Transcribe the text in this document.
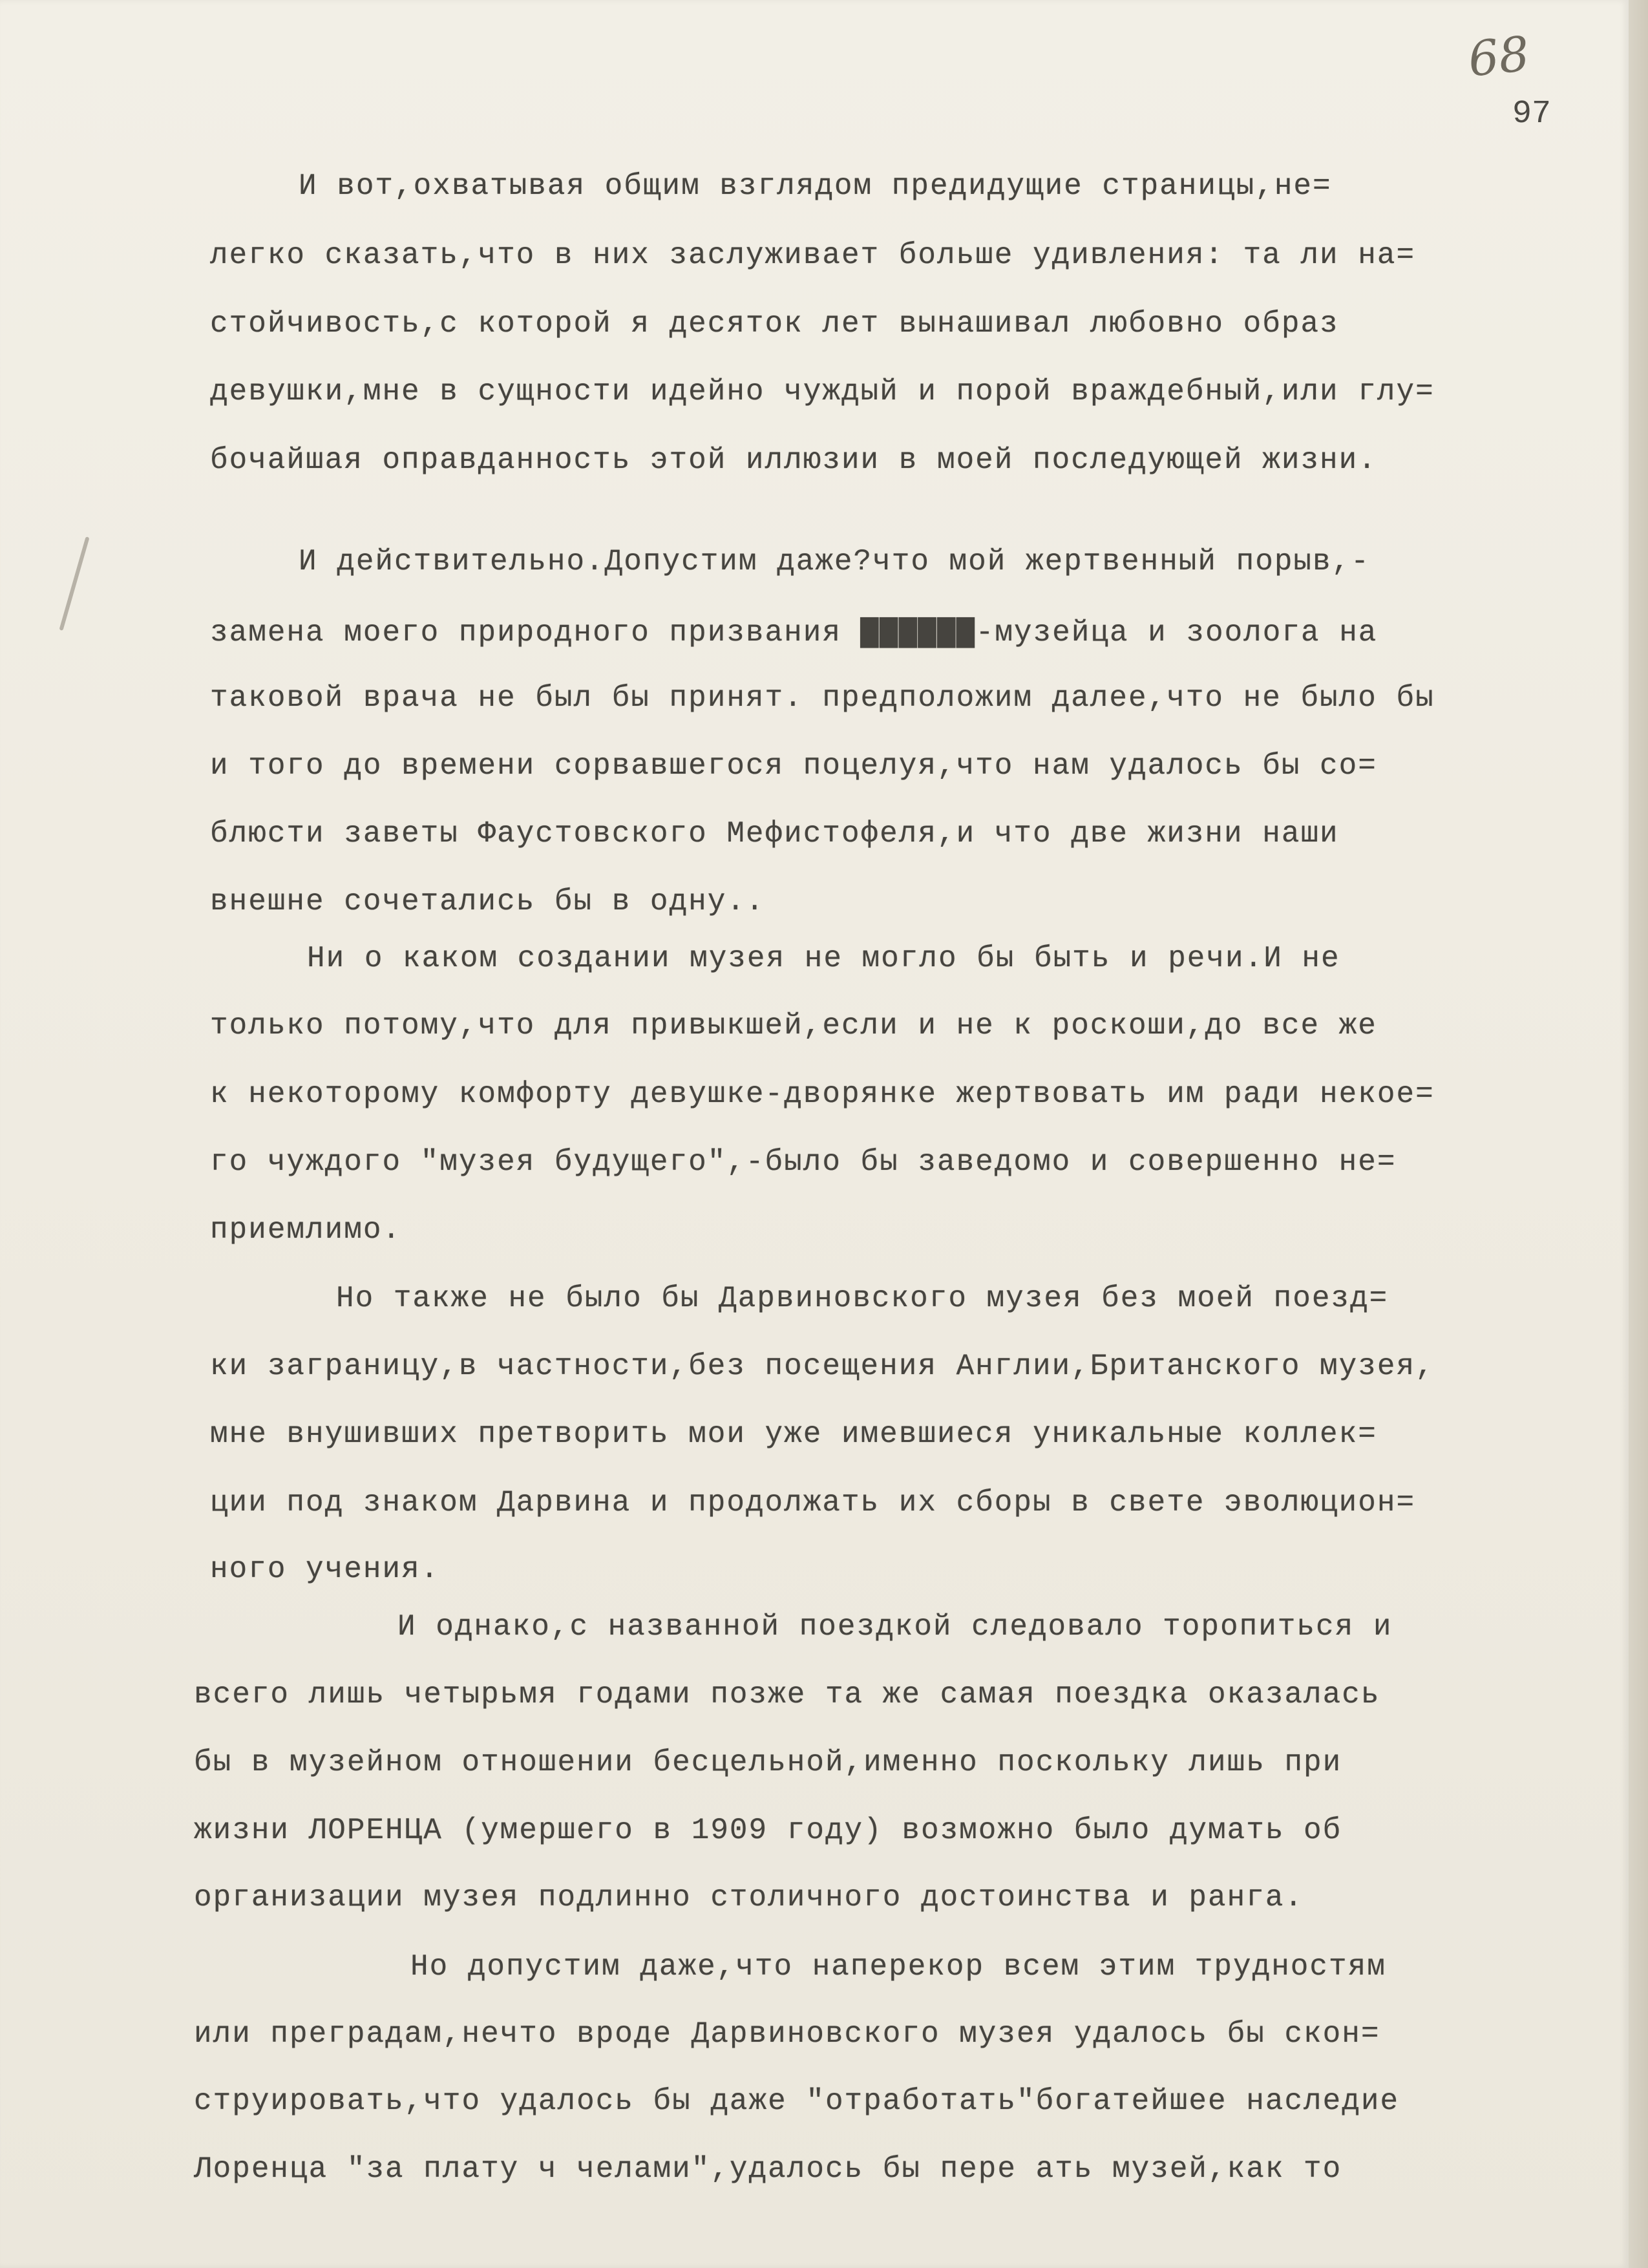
68
97
И вот,охватывая общим взглядом предидущие страницы,не=
легко сказать,что в них заслуживает больше удивления: та ли на=
стойчивость,с которой я десяток лет вынашивал любовно образ
девушки,мне в сущности идейно чуждый и порой враждебный,или глу=
бочайшая оправданность этой иллюзии в моей последующей жизни.
И действительно.Допустим даже?что мой жертвенный порыв,-
замена моего природного призвания ▇▇▇▇▇▇-музейца и зоолога на
таковой врача не был бы принят. предположим далее,что не было бы
и того до времени сорвавшегося поцелуя,что нам удалось бы со=
блюсти заветы Фаустовского Мефистофеля,и что две жизни наши
внешне сочетались бы в одну..
Ни о каком создании музея не могло бы быть и речи.И не
только потому,что для привыкшей,если и не к роскоши,до все же
к некоторому комфорту девушке-дворянке жертвовать им ради некое=
го чуждого "музея будущего",-было бы заведомо и совершенно не=
приемлимо.
Но также не было бы Дарвиновского музея без моей поезд=
ки заграницу,в частности,без посещения Англии,Британского музея,
мне внушивших претворить мои уже имевшиеся уникальные коллек=
ции под знаком Дарвина и продолжать их сборы в свете эволюцион=
ного учения.
И однако,с названной поездкой следовало торопиться и
всего лишь четырьмя годами позже та же самая поездка оказалась
бы в музейном отношении бесцельной,именно поскольку лишь при
жизни ЛОРЕНЦА (умершего в 1909 году) возможно было думать об
организации музея подлинно столичного достоинства и ранга.
Но допустим даже,что наперекор всем этим трудностям
или преградам,нечто вроде Дарвиновского музея удалось бы скон=
струировать,что удалось бы даже "отработать"богатейшее наследие
Лоренца "за плату ч челами",удалось бы пере ать музей,как то
